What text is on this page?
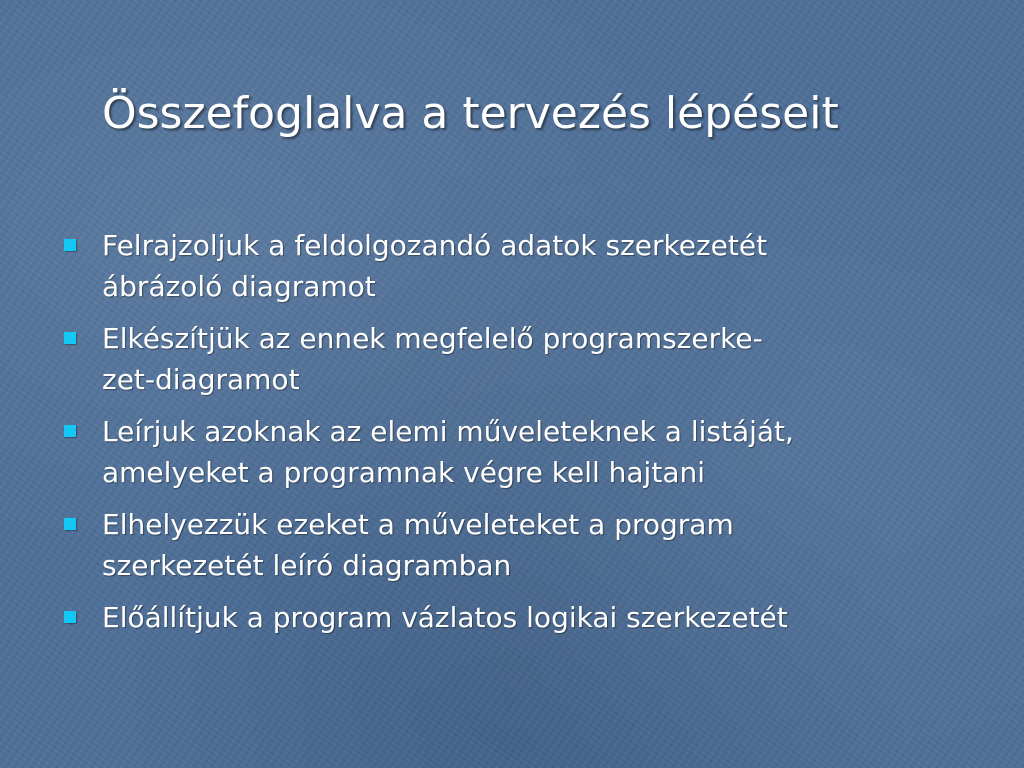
Összefoglalva a tervezés lépéseit
Felrajzoljuk a feldolgozandó adatok szerkezetét
ábrázoló diagramot
Elkészítjük az ennek megfelelő programszerke-
zet-diagramot
Leírjuk azoknak az elemi műveleteknek a listáját,
amelyeket a programnak végre kell hajtani
Elhelyezzük ezeket a műveleteket a program
szerkezetét leíró diagramban
Előállítjuk a program vázlatos logikai szerkezetét
